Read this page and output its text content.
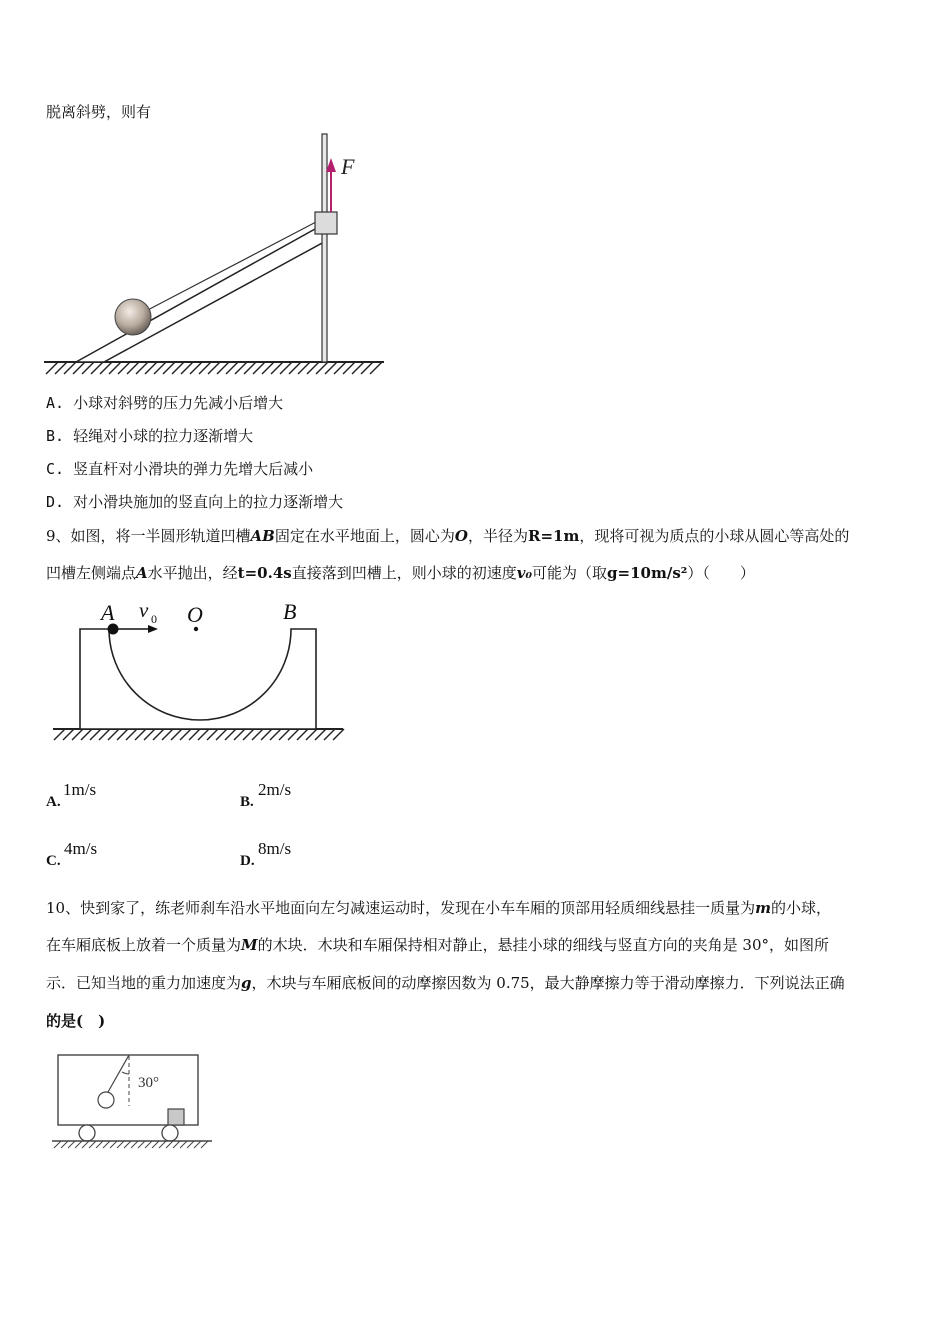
脱离斜劈，则有
F
A. 小球对斜劈的压力先减小后增大
B. 轻绳对小球的拉力逐渐增大
C. 竖直杆对小滑块的弹力先增大后减小
D. 对小滑块施加的竖直向上的拉力逐渐增大
9、如图，将一半圆形轨道凹槽AB固定在水平地面上，圆心为O，半径为R=1m，现将可视为质点的小球从圆心等高处的
凹槽左侧端点A水平抛出，经t=0.4s直接落到凹槽上，则小球的初速度v₀可能为（取g=10m/s²）（　　）
A v 0 O	B
A.
1m/s
B.
2m/s
C.
4m/s
D.
8m/s
10、快到家了，练老师刹车沿水平地面向左匀减速运动时，发现在小车车厢的顶部用轻质细线悬挂一质量为m的小球，
在车厢底板上放着一个质量为M的木块．木块和车厢保持相对静止，悬挂小球的细线与竖直方向的夹角是 30°，如图所
示．已知当地的重力加速度为g，木块与车厢底板间的动摩擦因数为 0.75，最大静摩擦力等于滑动摩擦力．下列说法正确
的是(　)
30°
